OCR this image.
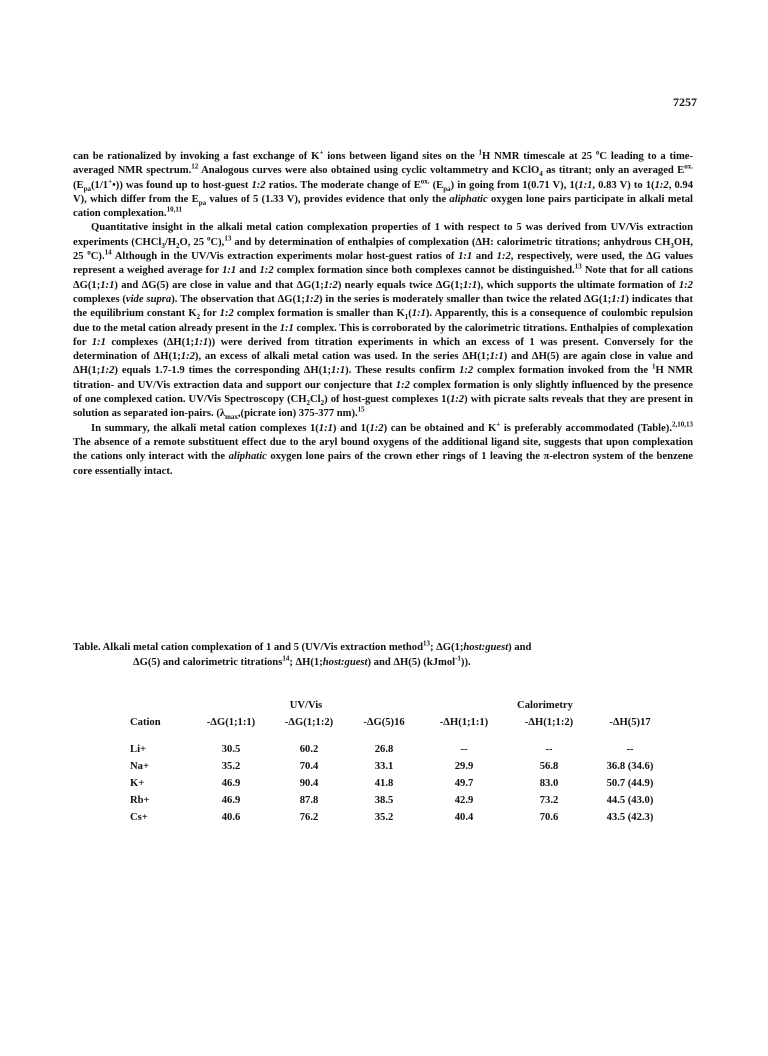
7257

can be rationalized by invoking a fast exchange of K+ ions between ligand sites on the $^1$H NMR timescale at 25 $^o$C leading to a time-averaged NMR spectrum.$^{12}$ Analogous curves were also obtained using cyclic voltammetry and KClO$_4$ as titrant; only an averaged $E^{ox.}$ $(E_{pa}(1/1^+•))$ was found up to host-guest 1:2 ratios. The moderate change of $E^{ox.}$ $(E_{pa})$ in going from 1(0.71 V), 1(1:1, 0.83 V) to 1(1:2, 0.94 V), which differ from the $E_{pa}$ values of 5 (1.33 V), provides evidence that only the aliphatic oxygen lone pairs participate in alkali metal cation complexation.$^{10,11}$

Quantitative insight in the alkali metal cation complexation properties of 1 with respect to 5 was derived from UV/Vis extraction experiments ($CHCl_3/H_2O$, 25 $^o$C),$^{13}$ and by determination of enthalpies of complexation (ΔH: calorimetric titrations; anhydrous $CH_3OH$, 25 $^o$C).$^{14}$ Although in the UV/Vis extraction experiments molar host-guest ratios of 1:1 and 1:2, respectively, were used, the ΔG values represent a weighed average for 1:1 and 1:2 complex formation since both complexes cannot be distinguished.$^{13}$ Note that for all cations ΔG(1;1:1) and ΔG(5) are close in value and that ΔG(1;1:2) nearly equals twice ΔG(1;1:1), which supports the ultimate formation of 1:2 complexes (vide supra). The observation that ΔG(1;1:2) in the series is moderately smaller than twice the related ΔG(1;1:1) indicates that the equilibrium constant $K_2$ for 1:2 complex formation is smaller than $K_1(1:1)$. Apparently, this is a consequence of coulombic repulsion due to the metal cation already present in the 1:1 complex. This is corroborated by the calorimetric titrations. Enthalpies of complexation for 1:1 complexes (ΔH(1;1:1)) were derived from titration experiments in which an excess of 1 was present. Conversely for the determination of ΔH(1;1:2), an excess of alkali metal cation was used. In the series ΔH(1;1:1) and ΔH(5) are again close in value and ΔH(1;1:2) equals 1.7-1.9 times the corresponding ΔH(1;1:1). These results confirm 1:2 complex formation invoked from the $^1$H NMR titration- and UV/Vis extraction data and support our conjecture that 1:2 complex formation is only slightly influenced by the presence of one complexed cation. UV/Vis Spectroscopy $(CH_2Cl_2)$ of host-guest complexes 1(1:2) with picrate salts reveals that they are present in solution as separated ion-pairs. ($\lambda_{max},(picrate$ ion) 375-377 nm).$^{15}$

In summary, the alkali metal cation complexes 1(1:1) and 1(1:2) can be obtained and K+ is preferably accommodated (Table).$^{2,10,13}$ The absence of a remote substituent effect due to the aryl bound oxygens of the additional ligand site, suggests that upon complexation the cations only interact with the aliphatic oxygen lone pairs of the crown ether rings of 1 leaving the π-electron system of the benzene core essentially intact.

Table. Alkali metal cation complexation of 1 and 5 (UV/Vis extraction method$^{13}$; ΔG(1;host:guest) and
ΔG(5) and calorimetric titrations$^{14}$; ΔH(1;host:guest) and ΔH(5) (kJmol$^{-1}$)).
	UV/Vis			Calorimetry		
Cation	-ΔG(1;1:1)	-ΔG(1;1:2)	-ΔG(5)16	-ΔH(1;1:1)	-ΔH(1;1:2)	-ΔH(5)17

Li+	30.5	60.2	26.8	--	--	--
Na+	35.2	70.4	33.1	29.9	56.8	36.8 (34.6)
K+	46.9	90.4	41.8	49.7	83.0	50.7 (44.9)
Rb+	46.9	87.8	38.5	42.9	73.2	44.5 (43.0)
Cs+	40.6	76.2	35.2	40.4	70.6	43.5 (42.3)
